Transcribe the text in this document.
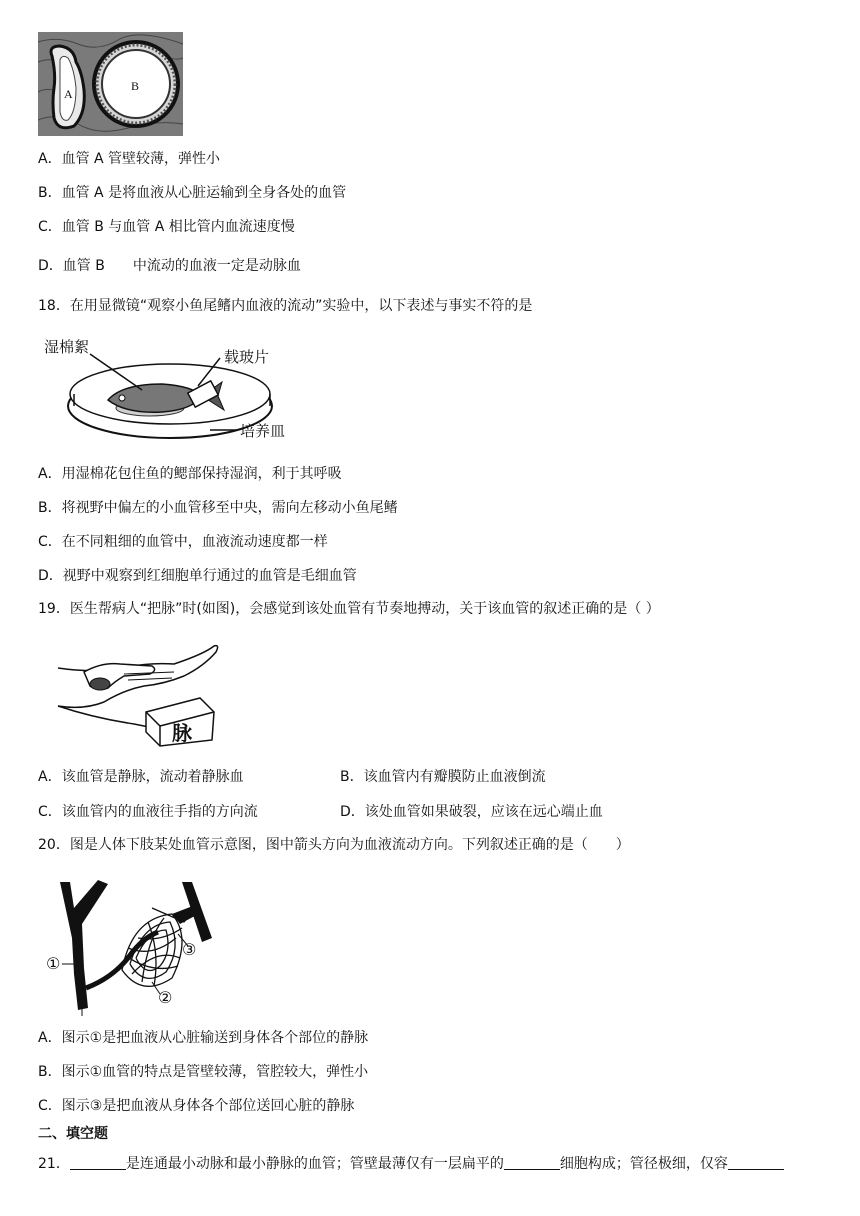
A
B
A．血管 A 管壁较薄，弹性小
B．血管 A 是将血液从心脏运输到全身各处的血管
C．血管 B 与血管 A 相比管内血流速度慢
D．血管 B　　中流动的血液一定是动脉血
18．在用显微镜“观察小鱼尾鳍内血液的流动”实验中，以下表述与事实不符的是
湿棉絮
载玻片
培养皿
A．用湿棉花包住鱼的鳃部保持湿润，利于其呼吸
B．将视野中偏左的小血管移至中央，需向左移动小鱼尾鳍
C．在不同粗细的血管中，血液流动速度都一样
D．视野中观察到红细胞单行通过的血管是毛细血管
19．医生帮病人“把脉”时(如图)，会感觉到该处血管有节奏地搏动，关于该血管的叙述正确的是（ ）
脉
A．该血管是静脉，流动着静脉血	B．该血管内有瓣膜防止血液倒流
C．该血管内的血液往手指的方向流	D．该处血管如果破裂，应该在远心端止血
20．图是人体下肢某处血管示意图，图中箭头方向为血液流动方向。下列叙述正确的是（　　）
①
②
③
A．图示①是把血液从心脏输送到身体各个部位的静脉
B．图示①血管的特点是管壁较薄，管腔较大，弹性小
C．图示③是把血液从身体各个部位送回心脏的静脉
二、填空题
21．	是连通最小动脉和最小静脉的血管；管壁最薄仅有一层扁平的	细胞构成；管径极细，仅容
